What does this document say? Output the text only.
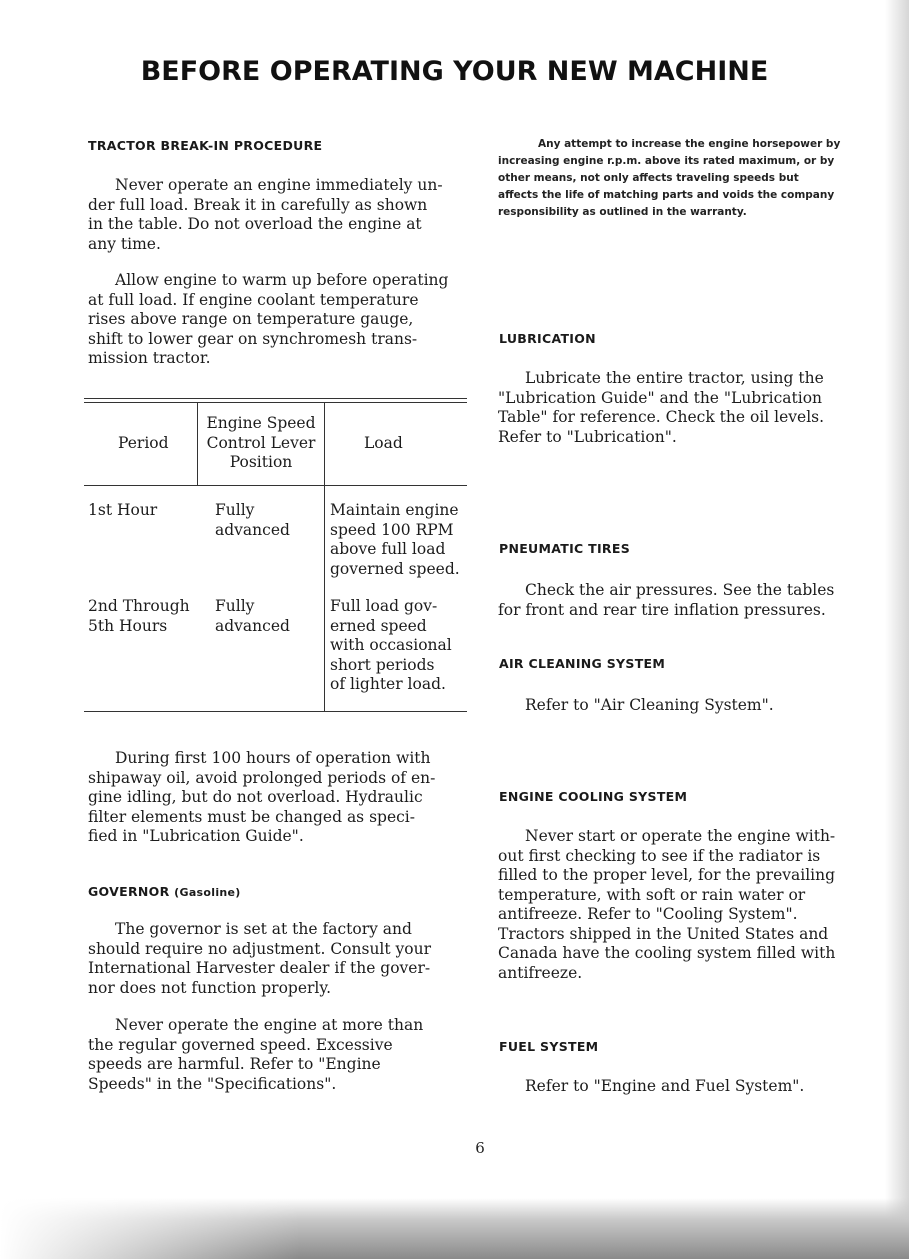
BEFORE OPERATING YOUR NEW MACHINE
TRACTOR BREAK-IN PROCEDURE
Never operate an engine immediately un-
der full load. Break it in carefully as shown
in the table. Do not overload the engine at
any time.
Allow engine to warm up before operating
at full load. If engine coolant temperature
rises above range on temperature gauge,
shift to lower gear on synchromesh trans-
mission tractor.
Period
Engine Speed
Control Lever
Position
Load
1st Hour	Fully
advanced
Maintain engine
speed 100 RPM
above full load
governed speed.
2nd Through
5th Hours
Fully
advanced
Full load gov-
erned speed
with occasional
short periods
of lighter load.
During first 100 hours of operation with
shipaway oil, avoid prolonged periods of en-
gine idling, but do not overload. Hydraulic
filter elements must be changed as speci-
fied in "Lubrication Guide".
GOVERNOR (Gasoline)
The governor is set at the factory and
should require no adjustment. Consult your
International Harvester dealer if the gover-
nor does not function properly.
Never operate the engine at more than
the regular governed speed. Excessive
speeds are harmful. Refer to "Engine
Speeds" in the "Specifications".
Any attempt to increase the engine horsepower by
increasing engine r.p.m. above its rated maximum, or by
other means, not only affects traveling speeds but
affects the life of matching parts and voids the company
responsibility as outlined in the warranty.
LUBRICATION
Lubricate the entire tractor, using the
"Lubrication Guide" and the "Lubrication
Table" for reference. Check the oil levels.
Refer to "Lubrication".
PNEUMATIC TIRES
Check the air pressures. See the tables
for front and rear tire inflation pressures.
AIR CLEANING SYSTEM
Refer to "Air Cleaning System".
ENGINE COOLING SYSTEM
Never start or operate the engine with-
out first checking to see if the radiator is
filled to the proper level, for the prevailing
temperature, with soft or rain water or
antifreeze. Refer to "Cooling System".
Tractors shipped in the United States and
Canada have the cooling system filled with
antifreeze.
FUEL SYSTEM
Refer to "Engine and Fuel System".
6
